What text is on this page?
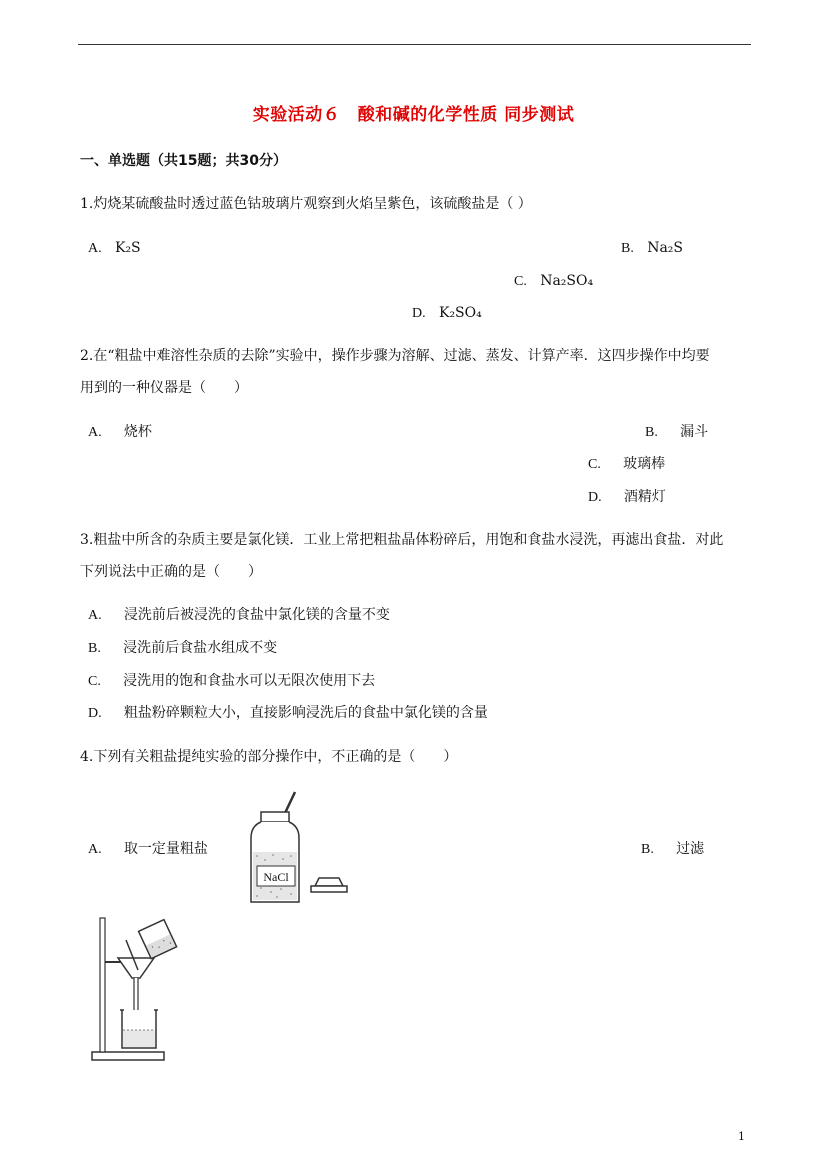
实验活动６　酸和碱的化学性质 同步测试
一、单选题（共15题；共30分）
1.灼烧某硫酸盐时透过蓝色钴玻璃片观察到火焰呈紫色，该硫酸盐是（ ）
A. K₂S	B. Na₂S
C. Na₂SO₄
D. K₂SO₄
2.在“粗盐中难溶性杂质的去除”实验中，操作步骤为溶解、过滤、蒸发、计算产率．这四步操作中均要
用到的一种仪器是（　　）
A. 烧杯	B. 漏斗
C. 玻璃棒
D. 酒精灯
3.粗盐中所含的杂质主要是氯化镁．工业上常把粗盐晶体粉碎后，用饱和食盐水浸洗，再滤出食盐．对此
下列说法中正确的是（　　）
A. 浸洗前后被浸洗的食盐中氯化镁的含量不变
B. 浸洗前后食盐水组成不变
C. 浸洗用的饱和食盐水可以无限次使用下去
D. 粗盐粉碎颗粒大小，直接影响浸洗后的食盐中氯化镁的含量
4.下列有关粗盐提纯实验的部分操作中，不正确的是（　　）
A. 取一定量粗盐	B. 过滤
NaCl
1
